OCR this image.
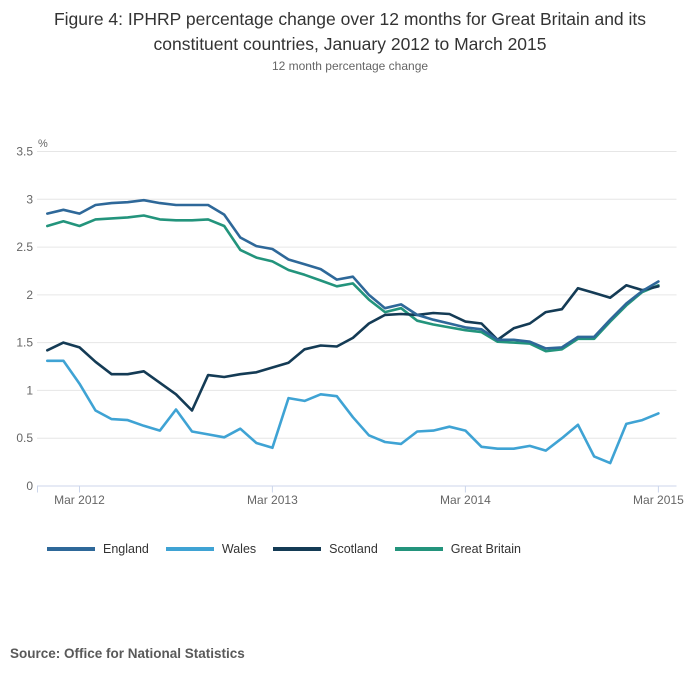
Figure 4: IPHRP percentage change over 12 months for Great Britain and its
constituent countries, January 2012 to March 2015
12 month percentage change
3.5
3
2.5
2
1.5
1
0.5
0
%
Mar 2012	Mar 2013	Mar 2014	Mar 2015
England	Wales	Scotland	Great Britain
Source: Office for National Statistics
